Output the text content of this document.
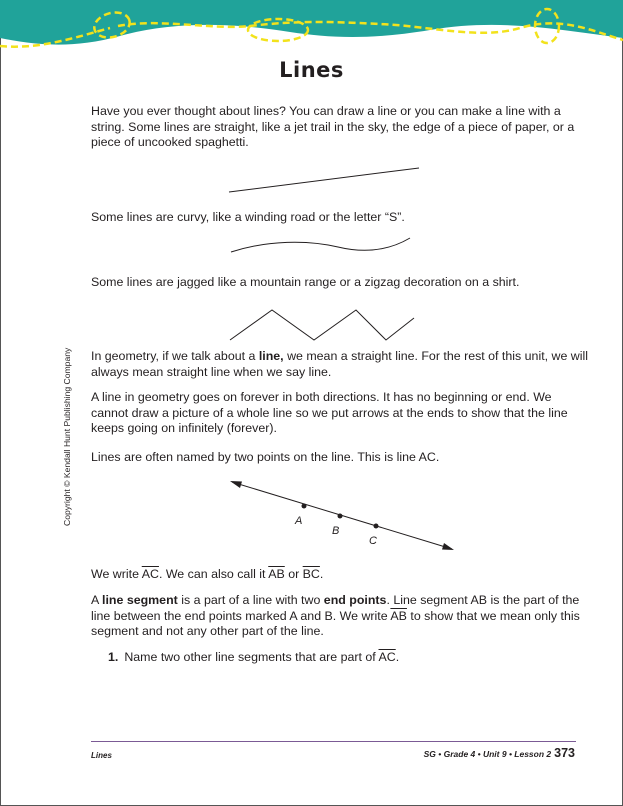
Lines

Have you ever thought about lines? You can draw a line or you can make a line with a string. Some lines are straight, like a jet trail in the sky, the edge of a piece of paper, or a piece of uncooked spaghetti.

Some lines are curvy, like a winding road or the letter “S”.

Some lines are jagged like a mountain range or a zigzag decoration on a shirt.

In geometry, if we talk about a line, we mean a straight line. For the rest of this unit, we will always mean straight line when we say line.

A line in geometry goes on forever in both directions. It has no beginning or end. We cannot draw a picture of a whole line so we put arrows at the ends to show that the line keeps going on infinitely (forever).

Lines are often named by two points on the line. This is line AC.

A
B
C

We write $\overline{AC}$. We can also call it $\overline{AB}$ or $\overline{BC}$.

A line segment is a part of a line with two end points. Line segment AB is the part of the line between the end points marked A and B. We write $\overline{AB}$ to show that we mean only this segment and not any other part of the line.

1. Name two other line segments that are part of $\overline{AC}$.
Copyright © Kendall Hunt Publishing Company
Lines	SG • Grade 4 • Unit 9 • Lesson 2 373
